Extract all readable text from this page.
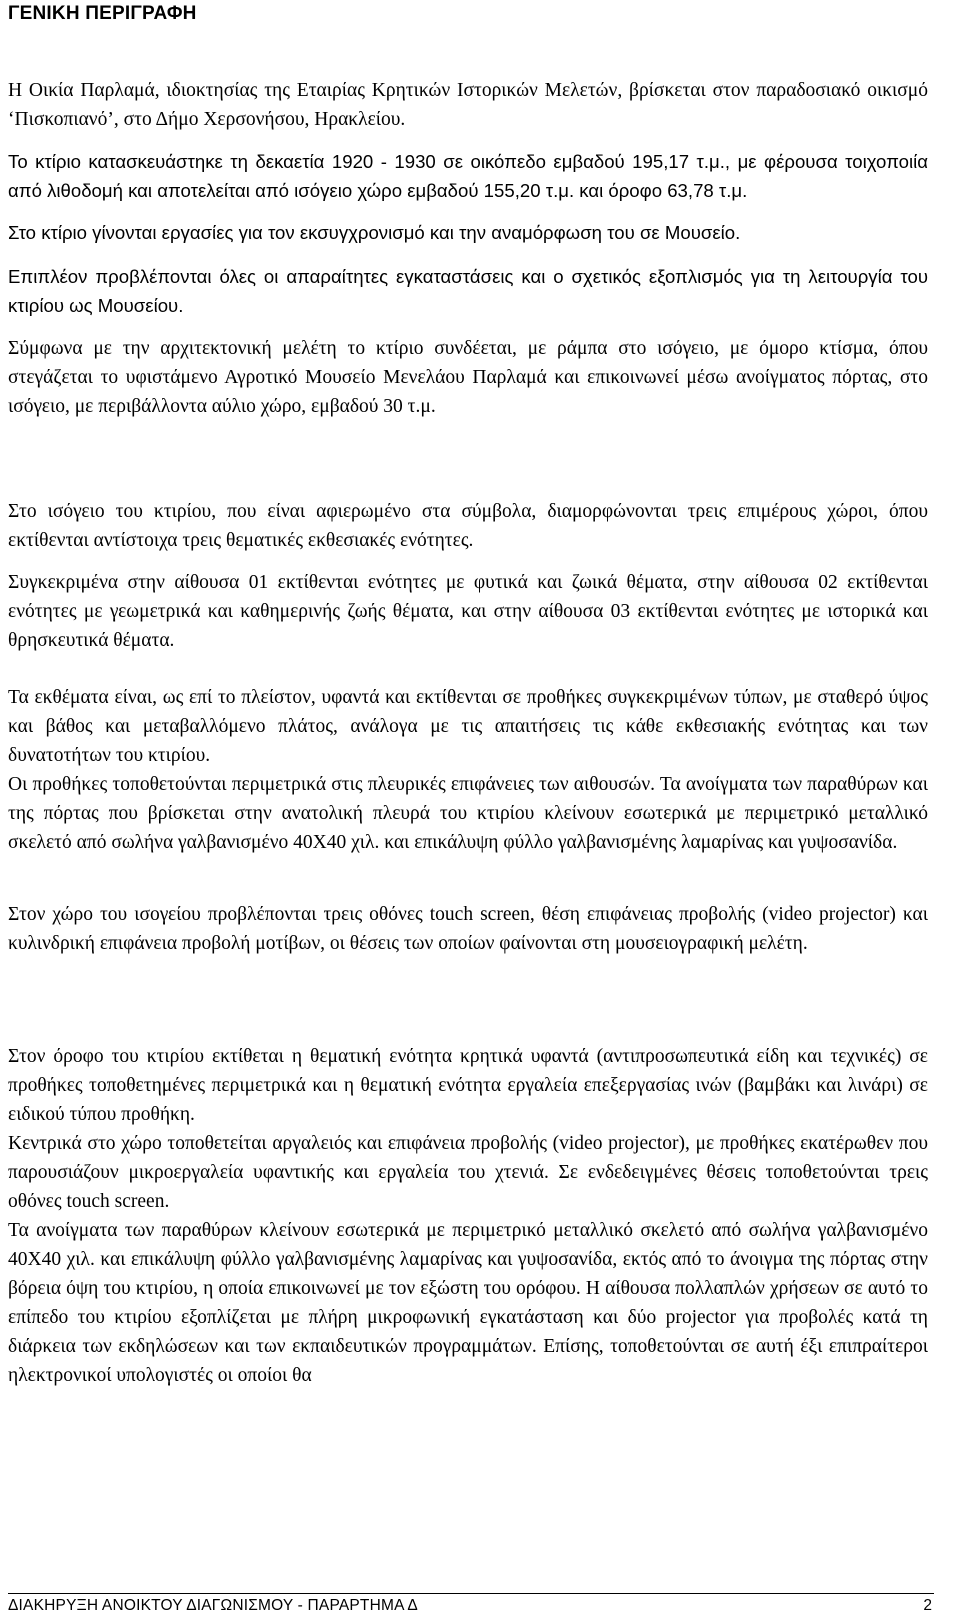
ΓΕΝΙΚΗ ΠΕΡΙΓΡΑΦΗ

Η Οικία Παρλαμά, ιδιοκτησίας της Εταιρίας Κρητικών Ιστορικών Μελετών, βρίσκεται στον παραδοσιακό οικισμό ‘Πισκοπιανό’, στο Δήμο Χερσονήσου, Ηρακλείου.

Το κτίριο κατασκευάστηκε τη δεκαετία 1920 - 1930 σε οικόπεδο εμβαδού 195,17 τ.μ., με φέρουσα τοιχοποιία από λιθοδομή και αποτελείται από ισόγειο χώρο εμβαδού 155,20 τ.μ. και όροφο 63,78 τ.μ.

Στο κτίριο γίνονται εργασίες για τον εκσυγχρονισμό και την αναμόρφωση του σε Μουσείο.

Επιπλέον προβλέπονται όλες οι απαραίτητες εγκαταστάσεις και ο σχετικός εξοπλισμός για τη λειτουργία του κτιρίου ως Μουσείου.

Σύμφωνα με την αρχιτεκτονική μελέτη το κτίριο συνδέεται, με ράμπα στο ισόγειο, με όμορο κτίσμα, όπου στεγάζεται το υφιστάμενο Αγροτικό Μουσείο Μενελάου Παρλαμά και επικοινωνεί μέσω ανοίγματος πόρτας, στο ισόγειο, με περιβάλλοντα αύλιο χώρο, εμβαδού 30 τ.μ.

Στο ισόγειο του κτιρίου, που είναι αφιερωμένο στα σύμβολα, διαμορφώνονται τρεις επιμέρους χώροι, όπου εκτίθενται αντίστοιχα τρεις θεματικές εκθεσιακές ενότητες.

Συγκεκριμένα στην αίθουσα 01 εκτίθενται ενότητες με φυτικά και ζωικά θέματα, στην αίθουσα 02 εκτίθενται ενότητες με γεωμετρικά και καθημερινής ζωής θέματα, και στην αίθουσα 03 εκτίθενται ενότητες με ιστορικά και θρησκευτικά θέματα.

Τα εκθέματα είναι, ως επί το πλείστον, υφαντά και εκτίθενται σε προθήκες συγκεκριμένων τύπων, με σταθερό ύψος και βάθος και μεταβαλλόμενο πλάτος, ανάλογα με τις απαιτήσεις τις κάθε εκθεσιακής ενότητας και των δυνατοτήτων του κτιρίου.

Οι προθήκες τοποθετούνται περιμετρικά στις πλευρικές επιφάνειες των αιθουσών. Τα ανοίγματα των παραθύρων και της πόρτας που βρίσκεται στην ανατολική πλευρά του κτιρίου κλείνουν εσωτερικά με περιμετρικό μεταλλικό σκελετό από σωλήνα γαλβανισμένο 40Χ40 χιλ. και επικάλυψη φύλλο γαλβανισμένης λαμαρίνας και γυψοσανίδα.

Στον χώρο του ισογείου προβλέπονται τρεις οθόνες touch screen, θέση επιφάνειας προβολής (video projector) και κυλινδρική επιφάνεια προβολή μοτίβων, οι θέσεις των οποίων φαίνονται στη μουσειογραφική μελέτη.

Στον όροφο του κτιρίου εκτίθεται η θεματική ενότητα κρητικά υφαντά (αντιπροσωπευτικά είδη και τεχνικές) σε προθήκες τοποθετημένες περιμετρικά και η θεματική ενότητα εργαλεία επεξεργασίας ινών (βαμβάκι και λινάρι) σε ειδικού τύπου προθήκη.

Κεντρικά στο χώρο τοποθετείται αργαλειός και επιφάνεια προβολής (video projector), με προθήκες εκατέρωθεν που παρουσιάζουν μικροεργαλεία υφαντικής και εργαλεία του χτενιά. Σε ενδεδειγμένες θέσεις τοποθετούνται τρεις οθόνες touch screen.

Τα ανοίγματα των παραθύρων κλείνουν εσωτερικά με περιμετρικό μεταλλικό σκελετό από σωλήνα γαλβανισμένο 40Χ40 χιλ. και επικάλυψη φύλλο γαλβανισμένης λαμαρίνας και γυψοσανίδα, εκτός από το άνοιγμα της πόρτας στην βόρεια όψη του κτιρίου, η οποία επικοινωνεί με τον εξώστη του ορόφου. Η αίθουσα πολλαπλών χρήσεων σε αυτό το επίπεδο του κτιρίου εξοπλίζεται με πλήρη μικροφωνική εγκατάσταση και δύο projector για προβολές κατά τη διάρκεια των εκδηλώσεων και των εκπαιδευτικών προγραμμάτων. Επίσης, τοποθετούνται σε αυτή έξι επιπραίτεροι ηλεκτρονικοί υπολογιστές οι οποίοι θα

ΔΙΑΚΗΡΥΞΗ ΑΝΟΙΚΤΟΥ ΔΙΑΓΩΝΙΣΜΟΥ - ΠΑΡΑΡΤΗΜΑ Δ	2
